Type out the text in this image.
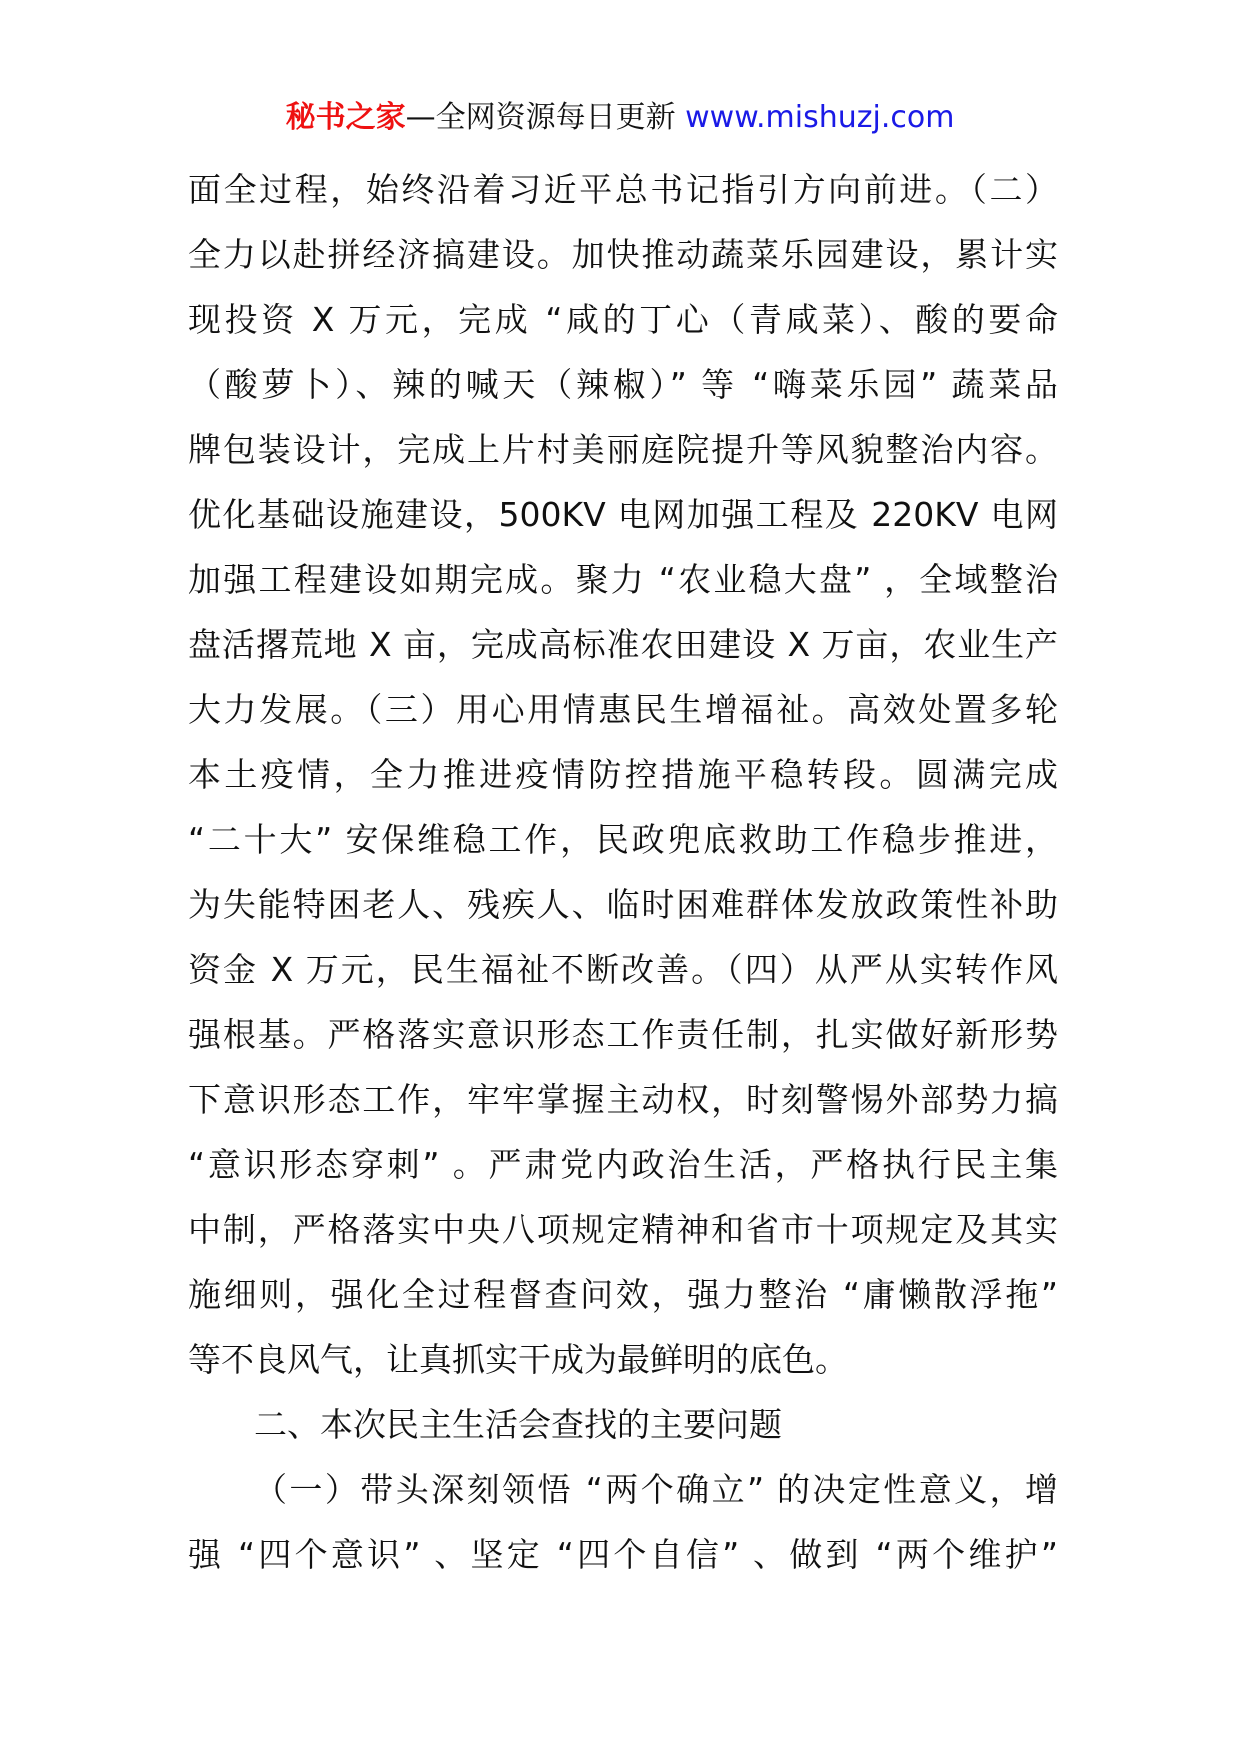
秘书之家—全网资源每日更新 www.mishuzj.com
面全过程，始终沿着习近平总书记指引方向前进。（二）
全力以赴拼经济搞建设。加快推动蔬菜乐园建设，累计实
现投资 X 万元，完成 “咸的丁心（青咸菜）、酸的要命
（酸萝卜）、辣的喊天（辣椒）” 等 “嗨菜乐园” 蔬菜品
牌包装设计，完成上片村美丽庭院提升等风貌整治内容。
优化基础设施建设，500KV 电网加强工程及 220KV 电网
加强工程建设如期完成。聚力 “农业稳大盘” ，全域整治
盘活撂荒地 X 亩，完成高标准农田建设 X 万亩，农业生产
大力发展。（三）用心用情惠民生增福祉。高效处置多轮
本土疫情，全力推进疫情防控措施平稳转段。圆满完成
“二十大” 安保维稳工作，民政兜底救助工作稳步推进，
为失能特困老人、残疾人、临时困难群体发放政策性补助
资金 X 万元，民生福祉不断改善。（四）从严从实转作风
强根基。严格落实意识形态工作责任制，扎实做好新形势
下意识形态工作，牢牢掌握主动权，时刻警惕外部势力搞
“意识形态穿刺” 。严肃党内政治生活，严格执行民主集
中制，严格落实中央八项规定精神和省市十项规定及其实
施细则，强化全过程督查问效，强力整治 “庸懒散浮拖”
等不良风气，让真抓实干成为最鲜明的底色。
二、本次民主生活会查找的主要问题
（一）带头深刻领悟 “两个确立” 的决定性意义，增
强 “四个意识” 、坚定 “四个自信” 、做到 “两个维护”
